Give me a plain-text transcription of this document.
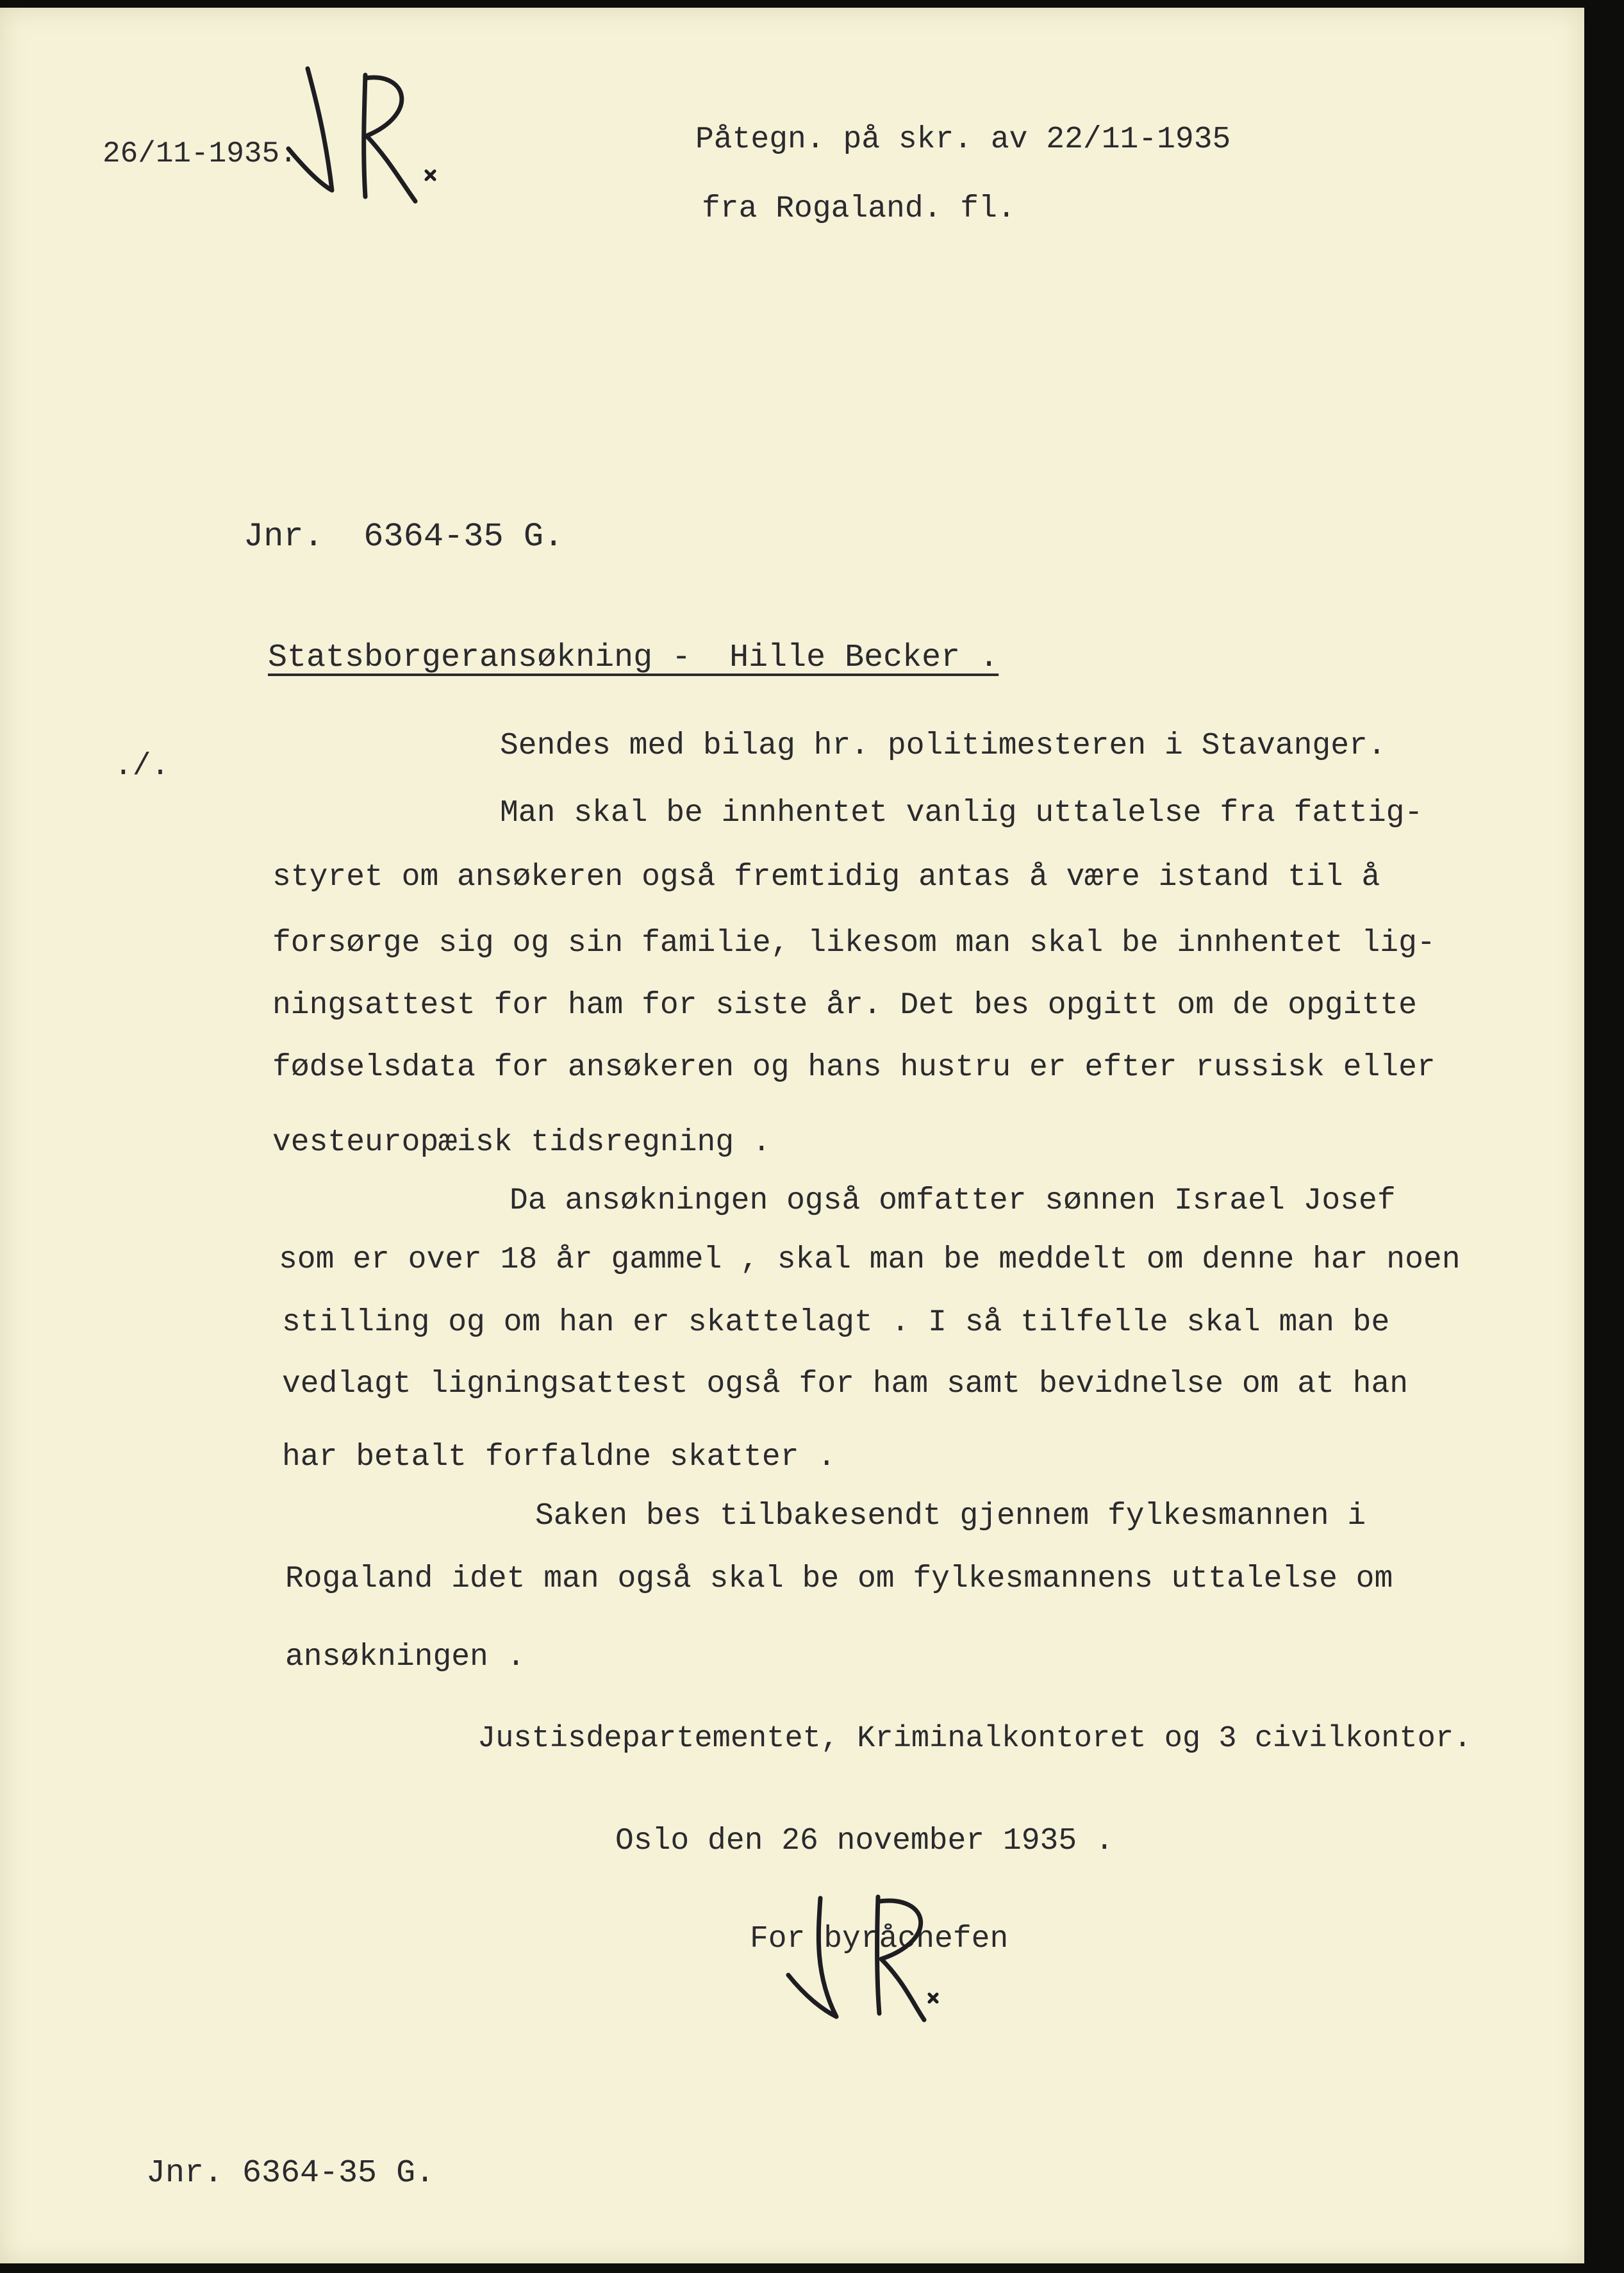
26/11-1935.	Påtegn. på skr. av 22/11-1935
fra Rogaland. fl.
Jnr.  6364-35 G.
Statsborgeransøkning -  Hille Becker .
./.
Sendes med bilag hr. politimesteren i Stavanger.
Man skal be innhentet vanlig uttalelse fra fattig-
styret om ansøkeren også fremtidig antas å være istand til å
forsørge sig og sin familie, likesom man skal be innhentet lig-
ningsattest for ham for siste år. Det bes opgitt om de opgitte
fødselsdata for ansøkeren og hans hustru er efter russisk eller
vesteuropæisk tidsregning .
Da ansøkningen også omfatter sønnen Israel Josef
som er over 18 år gammel , skal man be meddelt om denne har noen
stilling og om han er skattelagt . I så tilfelle skal man be
vedlagt ligningsattest også for ham samt bevidnelse om at han
har betalt forfaldne skatter .
Saken bes tilbakesendt gjennem fylkesmannen i
Rogaland idet man også skal be om fylkesmannens uttalelse om
ansøkningen .
Justisdepartementet, Kriminalkontoret og 3 civilkontor.
Oslo den 26 november 1935 .
For byråchefen
Jnr. 6364-35 G.
